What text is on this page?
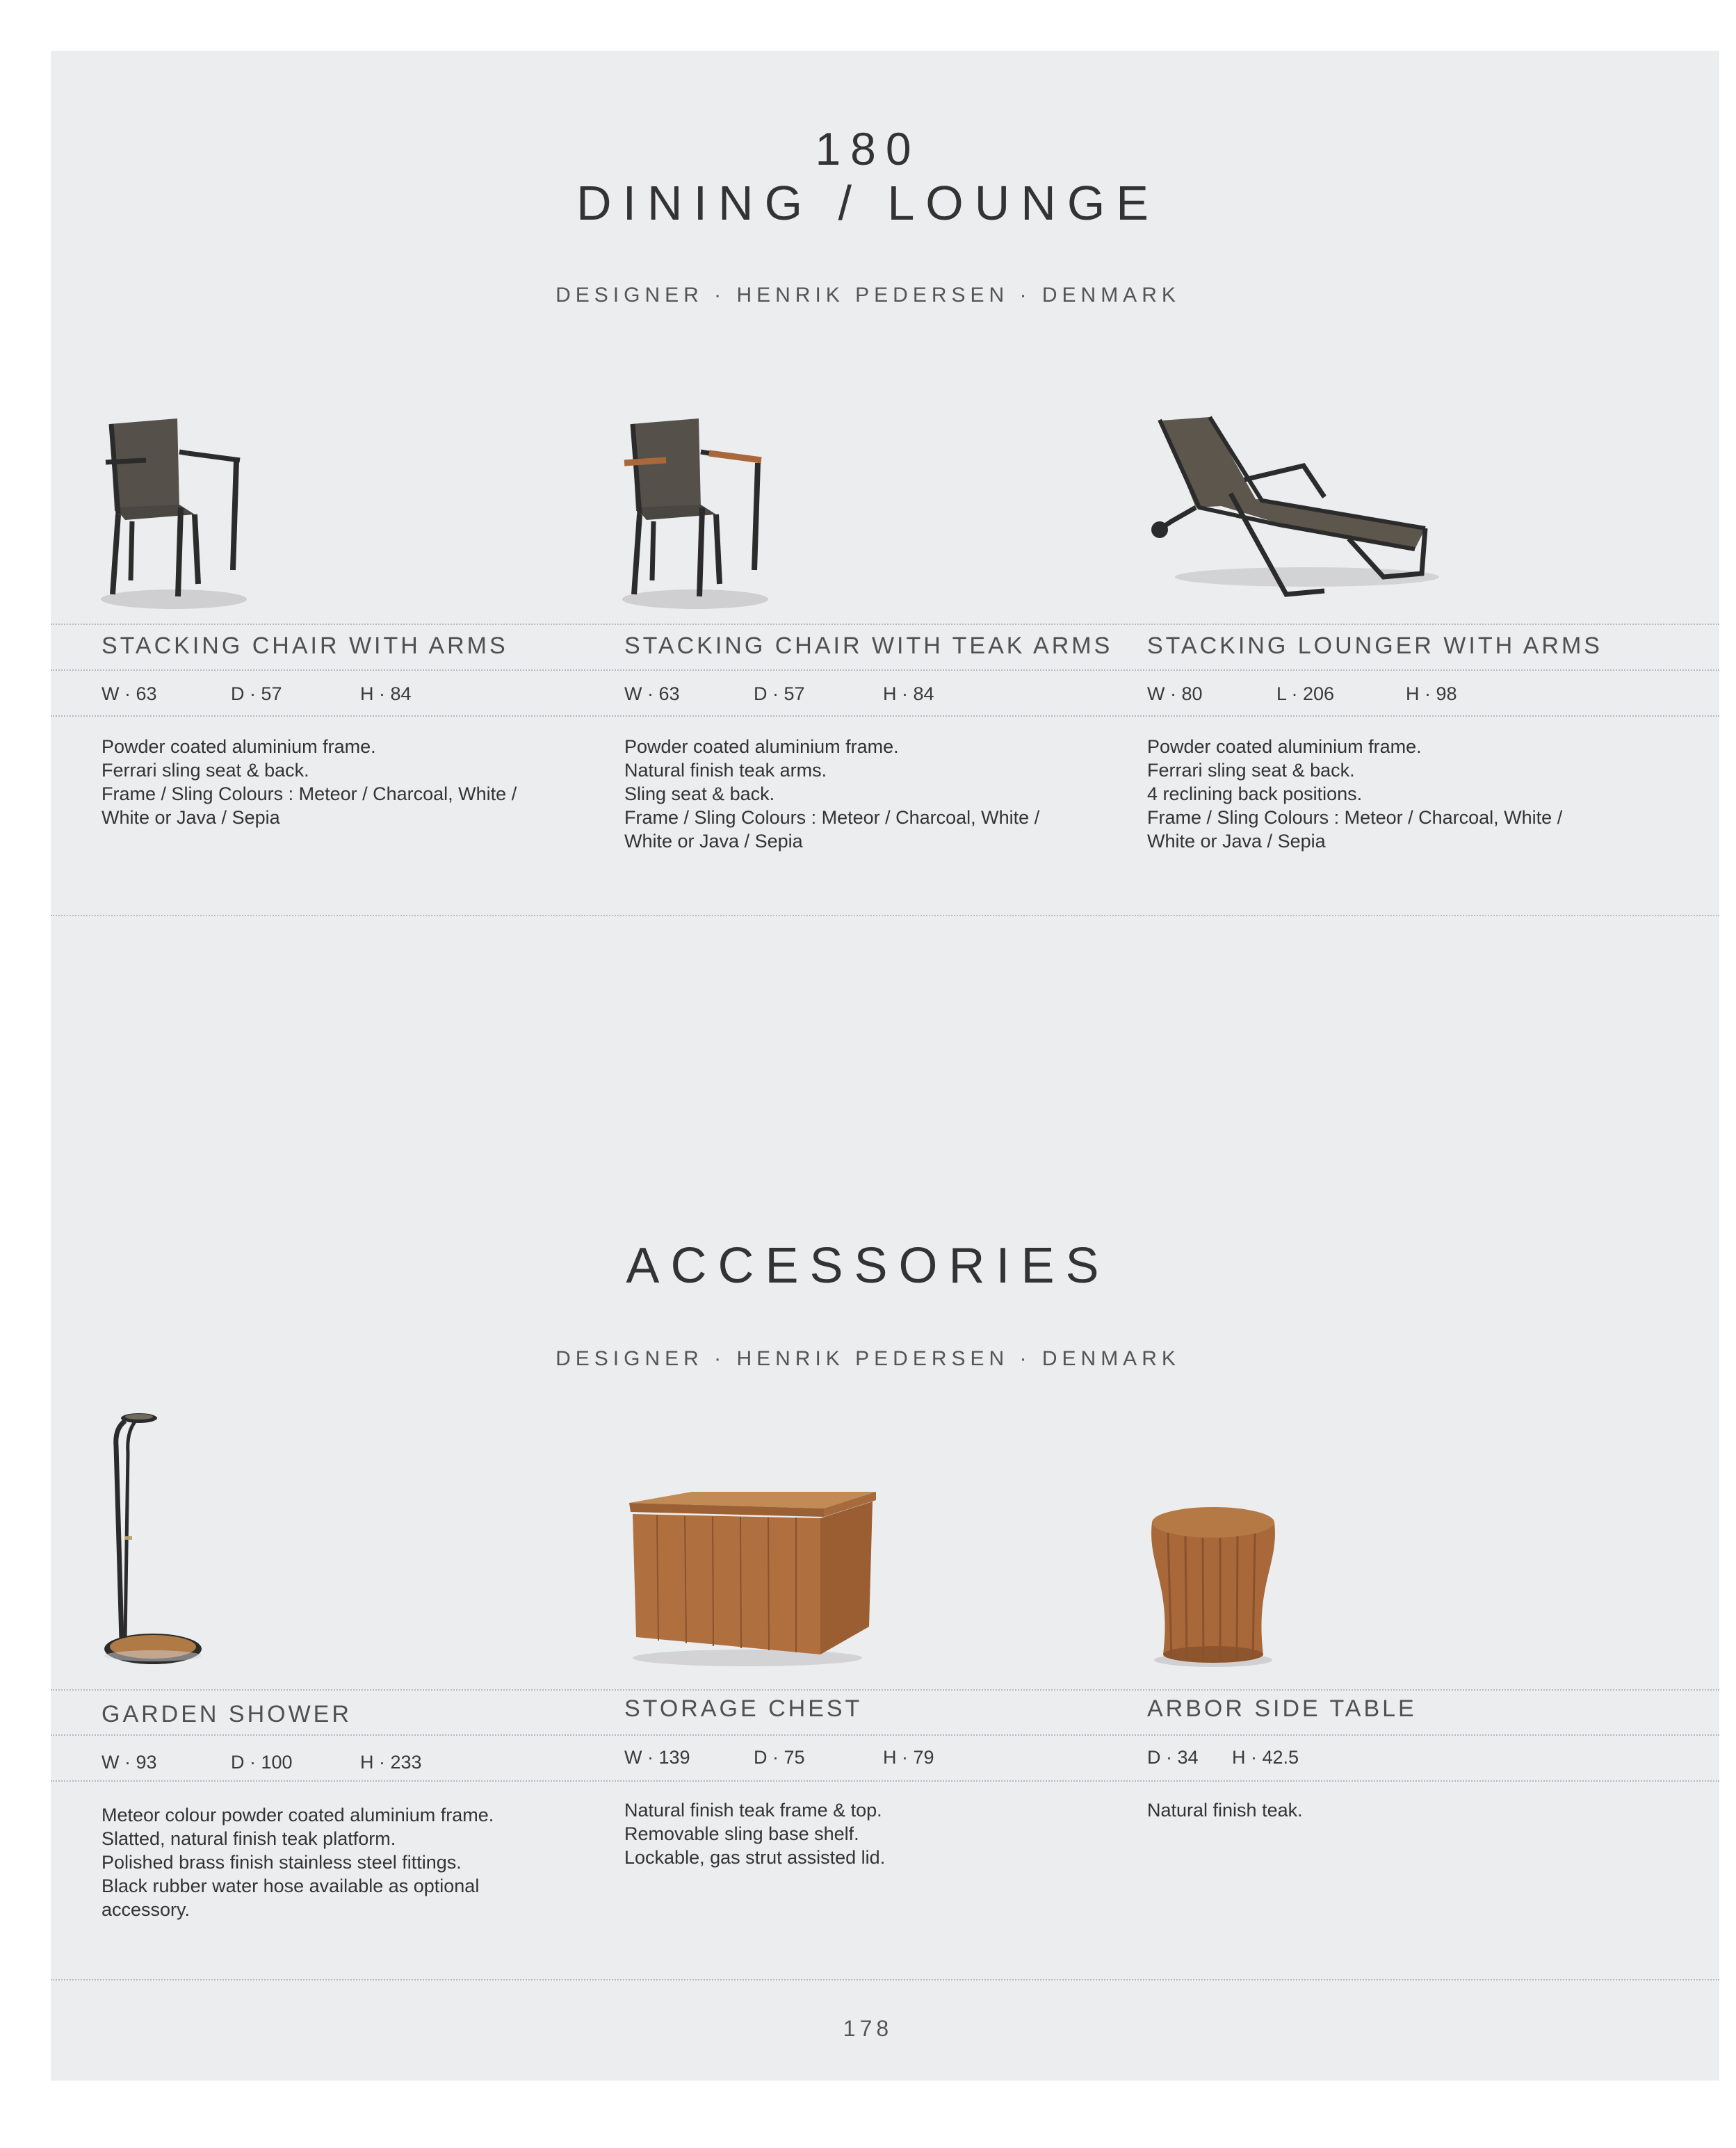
180
DINING / LOUNGE
DESIGNER · HENRIK PEDERSEN · DENMARK
STACKING CHAIR WITH ARMS
W · 63	D · 57	H · 84
Powder coated aluminium frame.
Ferrari sling seat & back.
Frame / Sling Colours : Meteor / Charcoal, White /
White or Java / Sepia
STACKING CHAIR WITH TEAK ARMS
W · 63	D · 57	H · 84
Powder coated aluminium frame.
Natural finish teak arms.
Sling seat & back.
Frame / Sling Colours : Meteor / Charcoal, White /
White or Java / Sepia
STACKING LOUNGER WITH ARMS
W · 80	L · 206	H · 98
Powder coated aluminium frame.
Ferrari sling seat & back.
4 reclining back positions.
Frame / Sling Colours : Meteor / Charcoal, White /
White or Java / Sepia
ACCESSORIES
DESIGNER · HENRIK PEDERSEN · DENMARK
GARDEN SHOWER
W · 93	D · 100	H · 233
Meteor colour powder coated aluminium frame.
Slatted, natural finish teak platform.
Polished brass finish stainless steel fittings.
Black rubber water hose available as optional
accessory.
STORAGE CHEST
W · 139	D · 75	H · 79
Natural finish teak frame & top.
Removable sling base shelf.
Lockable, gas strut assisted lid.
ARBOR SIDE TABLE
D · 34 H · 42.5
Natural finish teak.
178
